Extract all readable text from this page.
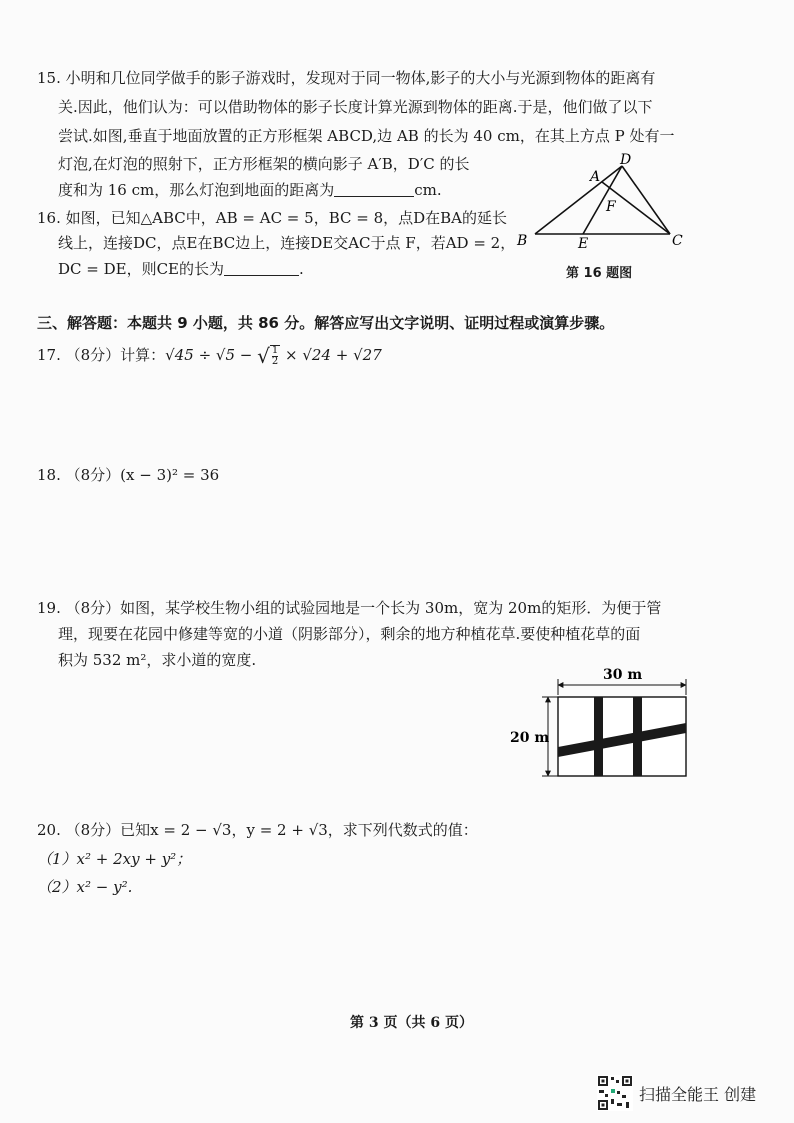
15. 小明和几位同学做手的影子游戏时，发现对于同一物体,影子的大小与光源到物体的距离有
关.因此，他们认为：可以借助物体的影子长度计算光源到物体的距离.于是，他们做了以下
尝试.如图,垂直于地面放置的正方形框架 ABCD,边 AB 的长为 40 cm，在其上方点 P 处有一
灯泡,在灯泡的照射下，正方形框架的横向影子 A′B，D′C 的长
度和为 16 cm，那么灯泡到地面的距离为	cm.
16. 如图，已知△ABC中，AB = AC = 5，BC = 8，点D在BA的延长
线上，连接DC，点E在BC边上，连接DE交AC于点 F，若AD = 2，
DC = DE，则CE的长为	.
D
A
F
B	E	C
第 16 题图
三、解答题：本题共 9 小题，共 86 分。解答应写出文字说明、证明过程或演算步骤。
17. （8分）计算：√45 ÷ √5 − √ $\frac{1}{2} \times √24 + √27$
18. （8分）(x − 3)² = 36
19. （8分）如图，某学校生物小组的试验园地是一个长为 30m，宽为 20m的矩形．为便于管
理，现要在花园中修建等宽的小道（阴影部分），剩余的地方种植花草.要使种植花草的面
积为 532 m²，求小道的宽度.
30 m
20 m
20. （8分）已知x = 2 − √3，y = 2 + √3，求下列代数式的值：
（1）x² + 2xy + y²；
（2）x² − y².
第 3 页（共 6 页）
扫描全能王 创建
